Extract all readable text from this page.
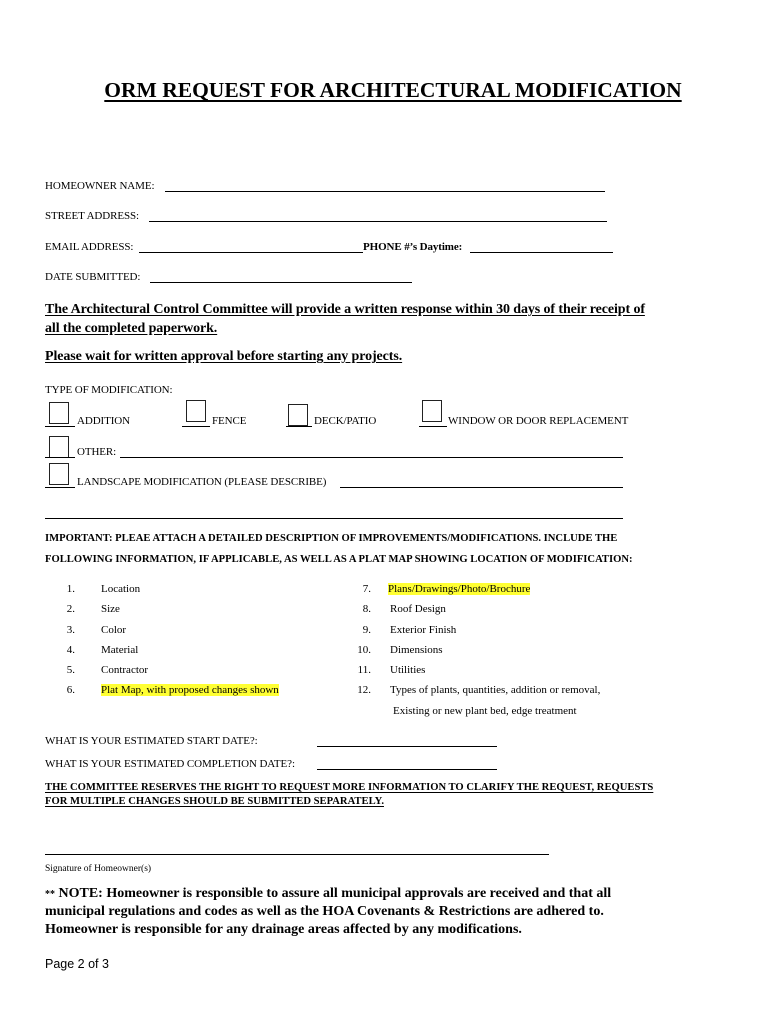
ORM REQUEST FOR ARCHITECTURAL MODIFICATION
HOMEOWNER NAME:
STREET ADDRESS:
EMAIL ADDRESS:	PHONE #’s Daytime:
DATE SUBMITTED:
The Architectural Control Committee will provide a written response within 30 days of their receipt of
all the completed paperwork.
Please wait for written approval before starting any projects.
TYPE OF MODIFICATION:
ADDITION	FENCE	DECK/PATIO	WINDOW OR DOOR REPLACEMENT
OTHER:
LANDSCAPE MODIFICATION (PLEASE DESCRIBE)
IMPORTANT: PLEAE ATTACH A DETAILED DESCRIPTION OF IMPROVEMENTS/MODIFICATIONS. INCLUDE THE
FOLLOWING INFORMATION, IF APPLICABLE, AS WELL AS A PLAT MAP SHOWING LOCATION OF MODIFICATION:
1. Location
2. Size
3. Color
4. Material
5. Contractor
6. Plat Map, with proposed changes shown
7. Plans/Drawings/Photo/Brochure
8. Roof Design
9. Exterior Finish
10. Dimensions
11. Utilities
12. Types of plants, quantities, addition or removal,
Existing or new plant bed, edge treatment
WHAT IS YOUR ESTIMATED START DATE?:
WHAT IS YOUR ESTIMATED COMPLETION DATE?:
THE COMMITTEE RESERVES THE RIGHT TO REQUEST MORE INFORMATION TO CLARIFY THE REQUEST, REQUESTS
FOR MULTIPLE CHANGES SHOULD BE SUBMITTED SEPARATELY.
Signature of Homeowner(s)
** NOTE: Homeowner is responsible to assure all municipal approvals are received and that all
municipal regulations and codes as well as the HOA Covenants & Restrictions are adhered to.
Homeowner is responsible for any drainage areas affected by any modifications.
Page 2 of 3
